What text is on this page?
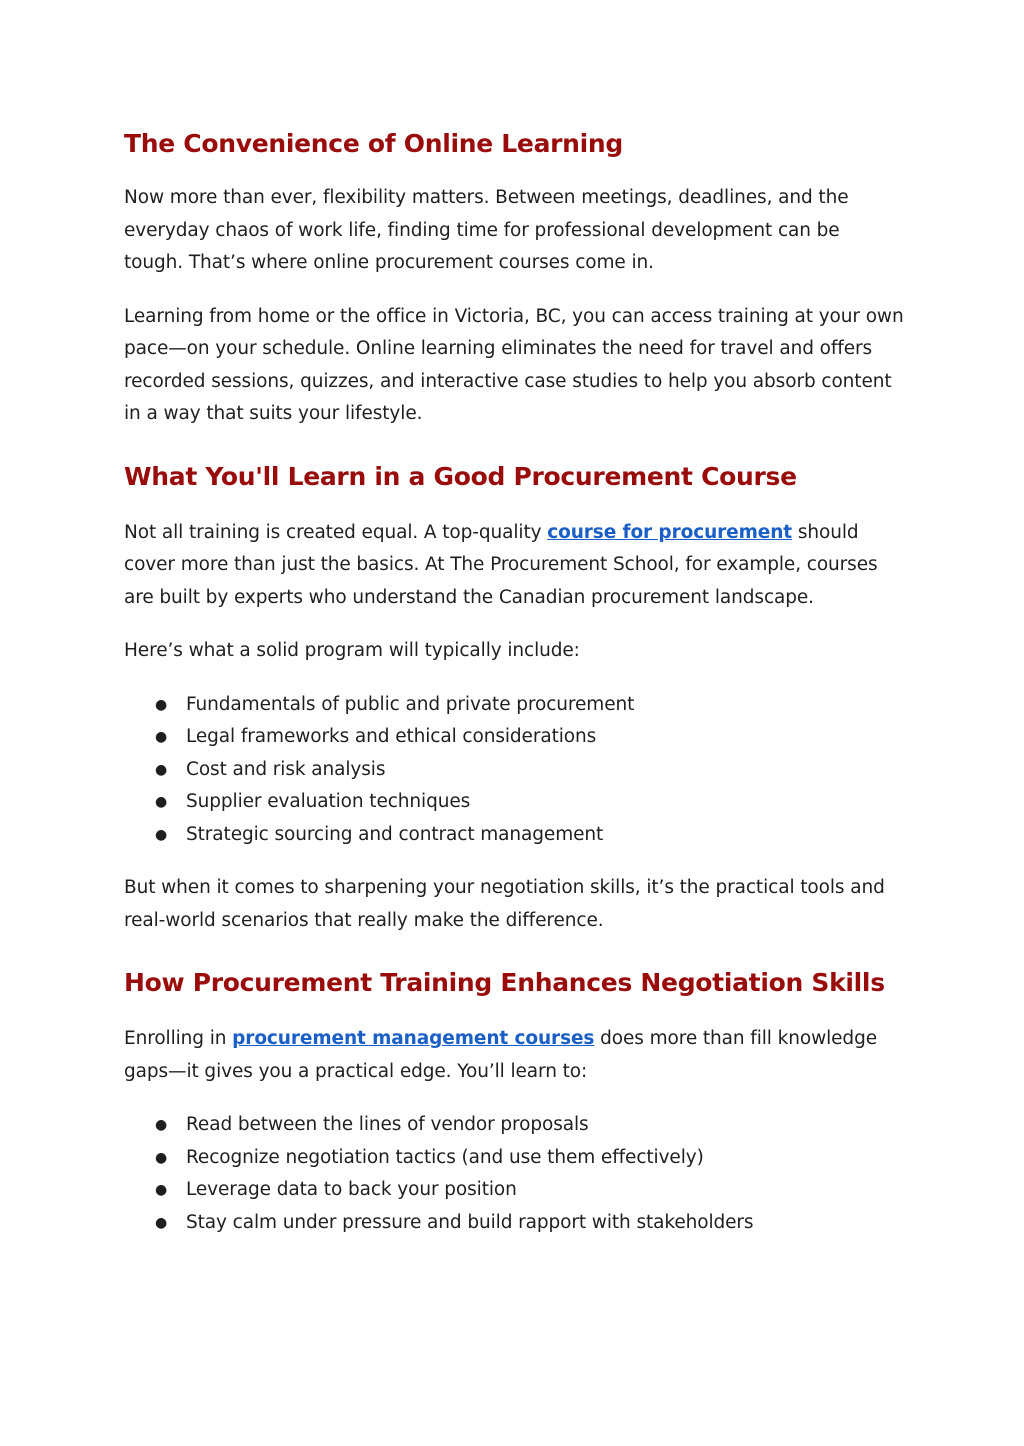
The Convenience of Online Learning

Now more than ever, flexibility matters. Between meetings, deadlines, and the everyday chaos of work life, finding time for professional development can be tough. That’s where online procurement courses come in.

Learning from home or the office in Victoria, BC, you can access training at your own pace—on your schedule. Online learning eliminates the need for travel and offers recorded sessions, quizzes, and interactive case studies to help you absorb content in a way that suits your lifestyle.

What You'll Learn in a Good Procurement Course

Not all training is created equal. A top-quality course for procurement should cover more than just the basics. At The Procurement School, for example, courses are built by experts who understand the Canadian procurement landscape.

Here’s what a solid program will typically include:

● Fundamentals of public and private procurement
● Legal frameworks and ethical considerations
● Cost and risk analysis
● Supplier evaluation techniques
● Strategic sourcing and contract management

But when it comes to sharpening your negotiation skills, it’s the practical tools and real-world scenarios that really make the difference.

How Procurement Training Enhances Negotiation Skills

Enrolling in procurement management courses does more than fill knowledge gaps—it gives you a practical edge. You’ll learn to:

● Read between the lines of vendor proposals
● Recognize negotiation tactics (and use them effectively)
● Leverage data to back your position
● Stay calm under pressure and build rapport with stakeholders
